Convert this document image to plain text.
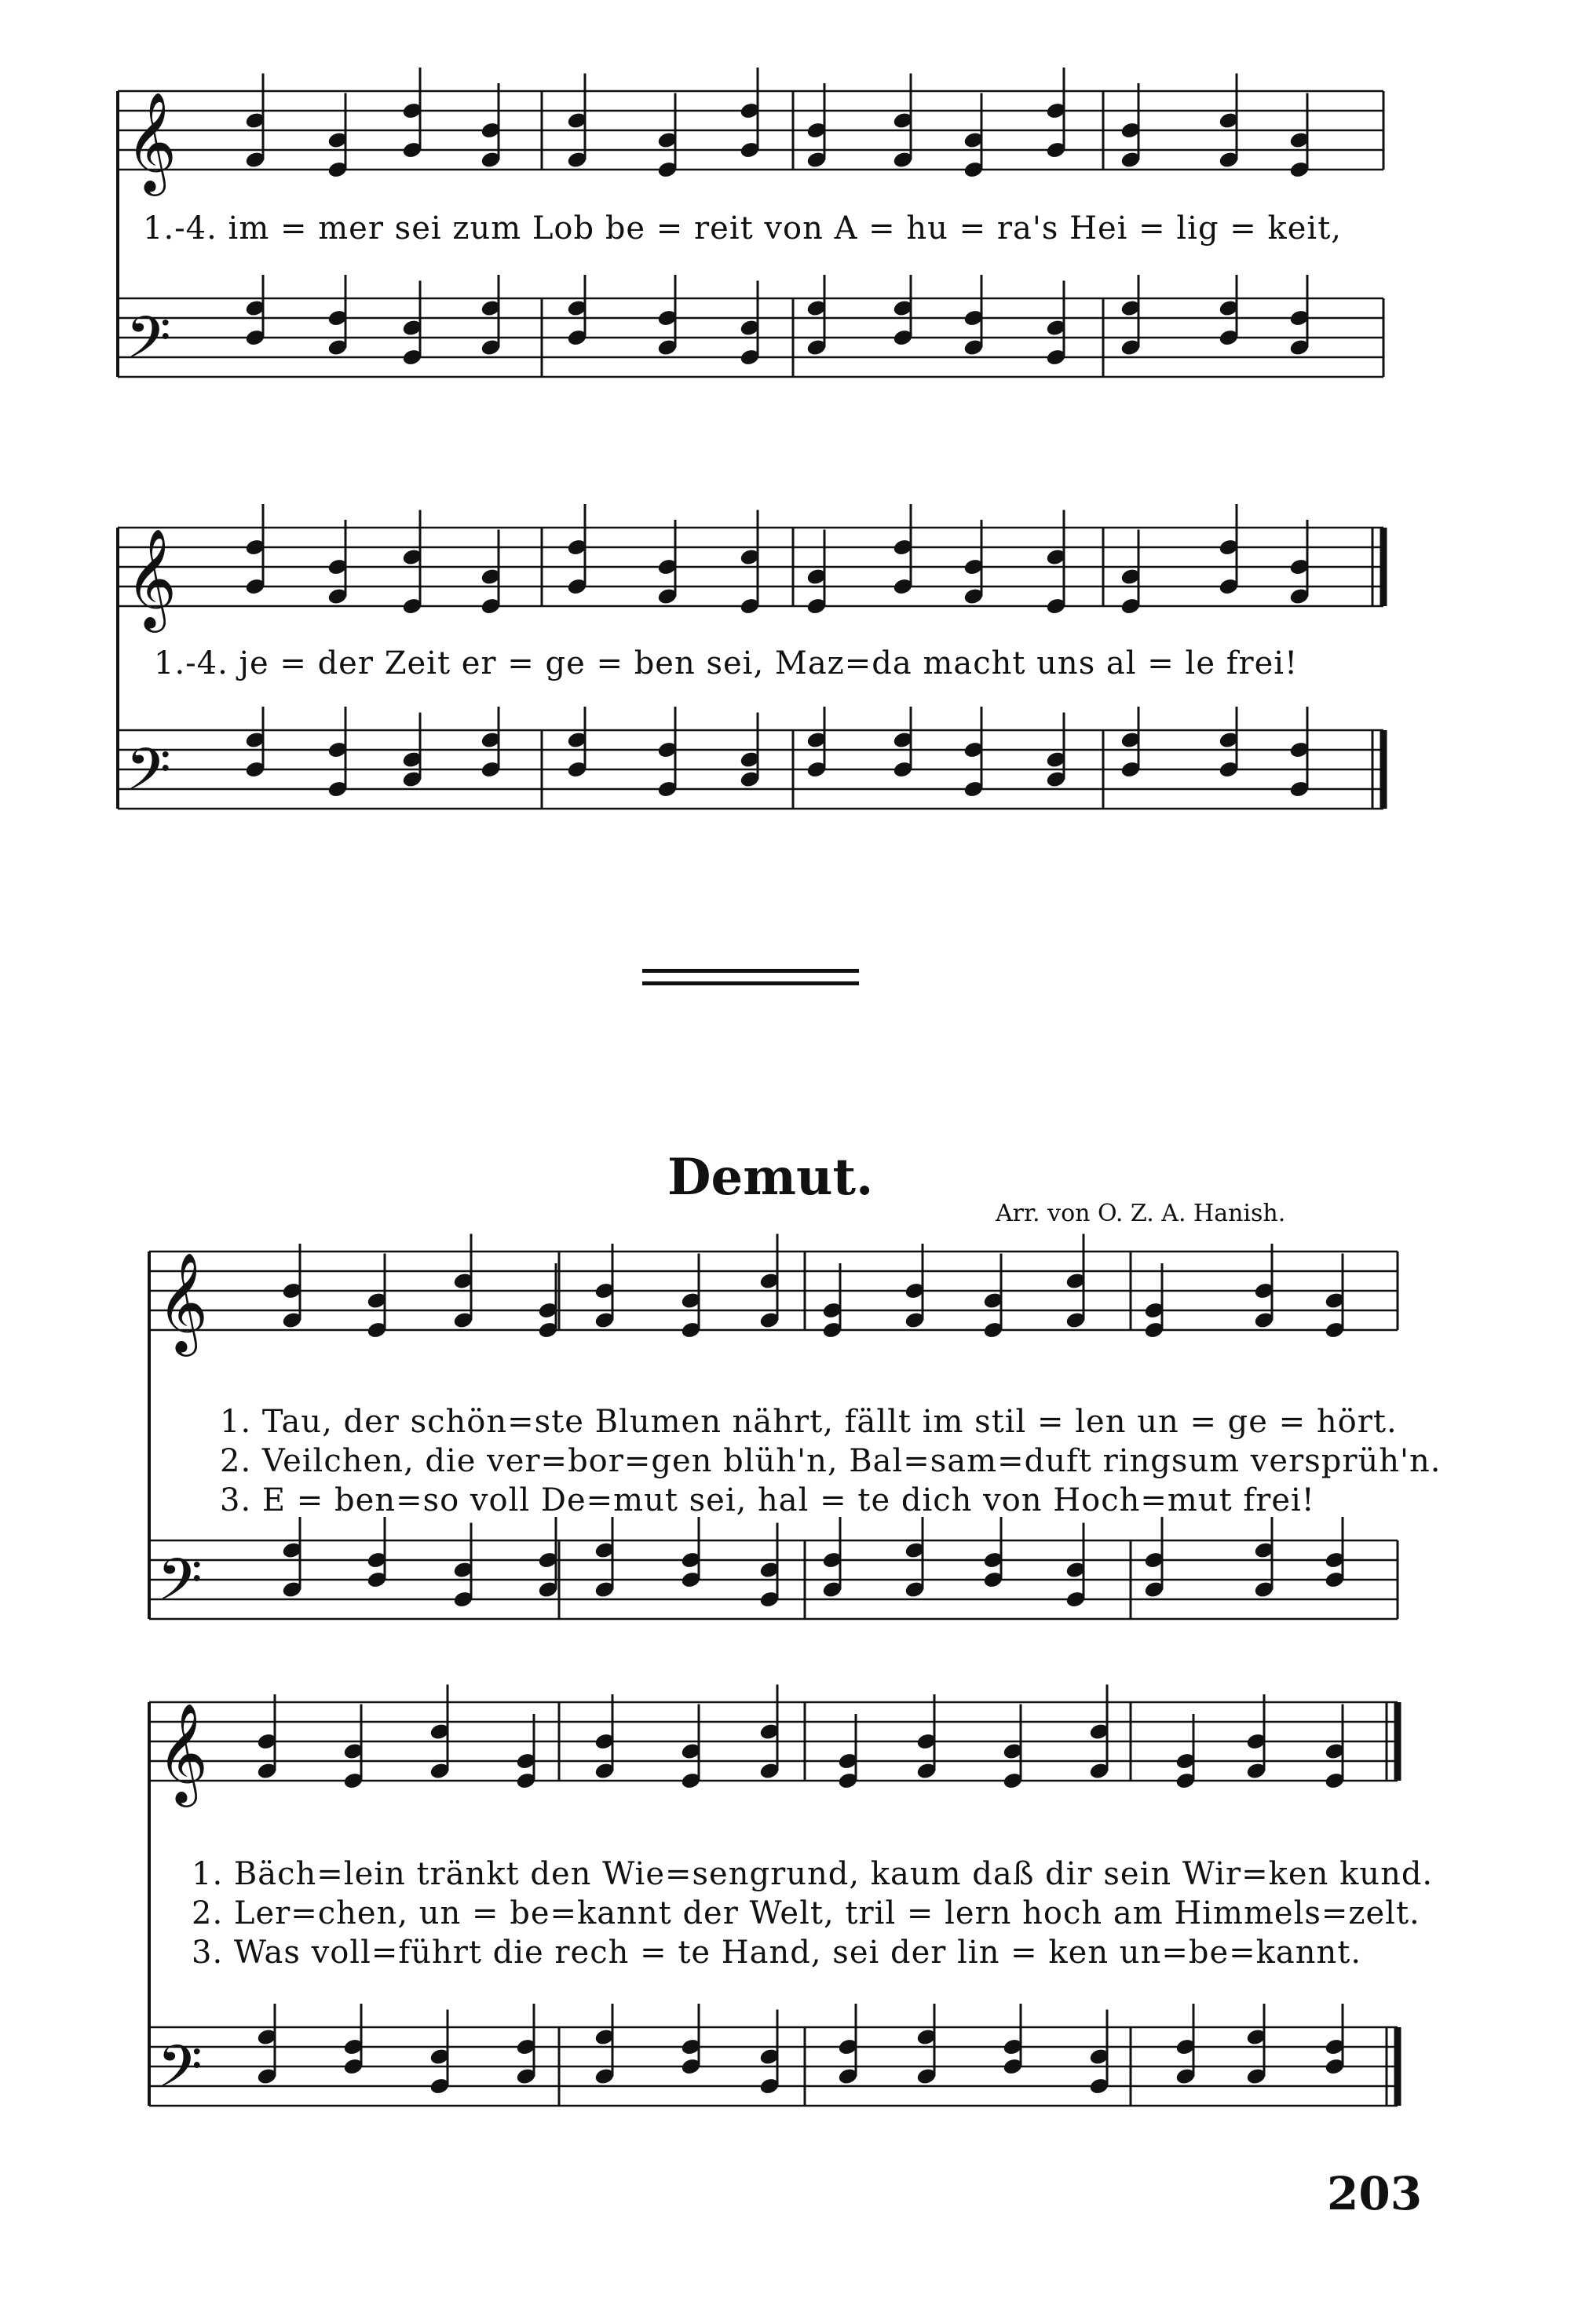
𝄞
𝄢
𝄞
𝄢
𝄞
𝄢
𝄞
𝄢
1.-4. im = mer sei zum Lob be = reit von A = hu = ra's Hei = lig = keit,
1.-4. je = der Zeit er = ge = ben sei, Maz=da macht uns al = le frei!
Demut.
Arr. von O. Z. A. Hanish.
1. Tau, der schön=ste Blumen nährt, fällt im stil = len un = ge = hört.
2. Veilchen, die ver=bor=gen blüh'n, Bal=sam=duft ringsum versprüh'n.
3. E = ben=so voll De=mut sei, hal = te dich von Hoch=mut frei!
1. Bäch=lein tränkt den Wie=sengrund, kaum daß dir sein Wir=ken kund.
2. Ler=chen, un = be=kannt der Welt, tril = lern hoch am Himmels=zelt.
3. Was voll=führt die rech = te Hand, sei der lin = ken un=be=kannt.
203
